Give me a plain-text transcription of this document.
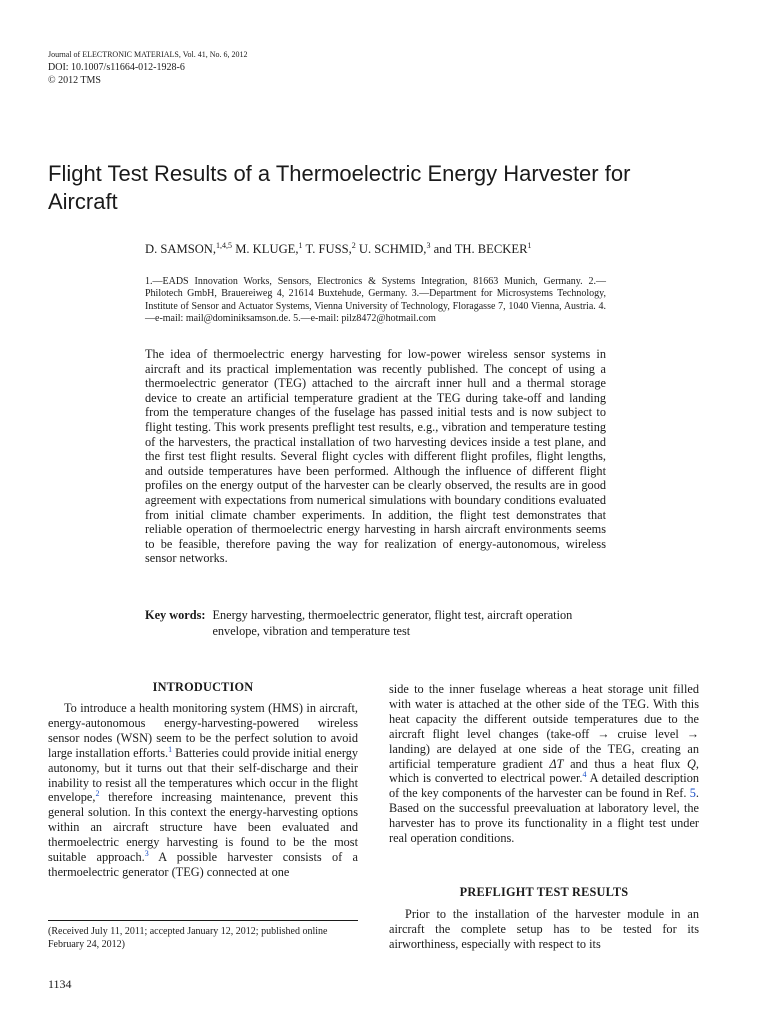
Journal of ELECTRONIC MATERIALS, Vol. 41, No. 6, 2012
DOI: 10.1007/s11664-012-1928-6
© 2012 TMS
Flight Test Results of a Thermoelectric Energy Harvester for Aircraft
D. SAMSON,$^{1,4,5}$ M. KLUGE,$^1$ T. FUSS,$^2$ U. SCHMID,$^3$ and TH. BECKER$^1$
1.—EADS Innovation Works, Sensors, Electronics & Systems Integration, 81663 Munich, Germany. 2.—Philotech GmbH, Brauereiweg 4, 21614 Buxtehude, Germany. 3.—Department for Microsystems Technology, Institute of Sensor and Actuator Systems, Vienna University of Technology, Floragasse 7, 1040 Vienna, Austria. 4.—e-mail: mail@dominiksamson.de. 5.—e-mail: pilz8472@hotmail.com

The idea of thermoelectric energy harvesting for low-power wireless sensor systems in aircraft and its practical implementation was recently published. The concept of using a thermoelectric generator (TEG) attached to the aircraft inner hull and a thermal storage device to create an artificial temperature gradient at the TEG during take-off and landing from the temperature changes of the fuselage has passed initial tests and is now subject to flight testing. This work presents preflight test results, e.g., vibration and temperature testing of the harvesters, the practical installation of two harvesting devices inside a test plane, and the first test flight results. Several flight cycles with different flight profiles, flight lengths, and outside temperatures have been performed. Although the influence of different flight profiles on the energy output of the harvester can be clearly observed, the results are in good agreement with expectations from numerical simulations with boundary conditions evaluated from initial climate chamber experiments. In addition, the flight test demonstrates that reliable operation of thermoelectric energy harvesting in harsh aircraft environments seems to be feasible, therefore paving the way for realization of energy-autonomous, wireless sensor networks.

Key words: Energy harvesting, thermoelectric generator, flight test, aircraft operation envelope, vibration and temperature test
INTRODUCTION

To introduce a health monitoring system (HMS) in aircraft, energy-autonomous energy-harvesting-powered wireless sensor nodes (WSN) seem to be the perfect solution to avoid large installation efforts.$^1$ Batteries could provide initial energy autonomy, but it turns out that their self-discharge and their inability to resist all the temperatures which occur in the flight envelope,$^2$ therefore increasing maintenance, prevent this general solution. In this context the energy-harvesting options within an aircraft structure have been evaluated and thermoelectric energy harvesting is found to be the most suitable approach.$^3$ A possible harvester consists of a thermoelectric generator (TEG) connected at one

side to the inner fuselage whereas a heat storage unit filled with water is attached at the other side of the TEG. With this heat capacity the different outside temperatures due to the aircraft flight level changes (take-off → cruise level → landing) are delayed at one side of the TEG, creating an artificial temperature gradient ΔT and thus a heat flux Q, which is converted to electrical power.$^4$ A detailed description of the key components of the harvester can be found in Ref. 5. Based on the successful preevaluation at laboratory level, the harvester has to prove its functionality in a flight test under real operation conditions.

PREFLIGHT TEST RESULTS

Prior to the installation of the harvester module in an aircraft the complete setup has to be tested for its airworthiness, especially with respect to its

(Received July 11, 2011; accepted January 12, 2012; published online February 24, 2012)
1134
